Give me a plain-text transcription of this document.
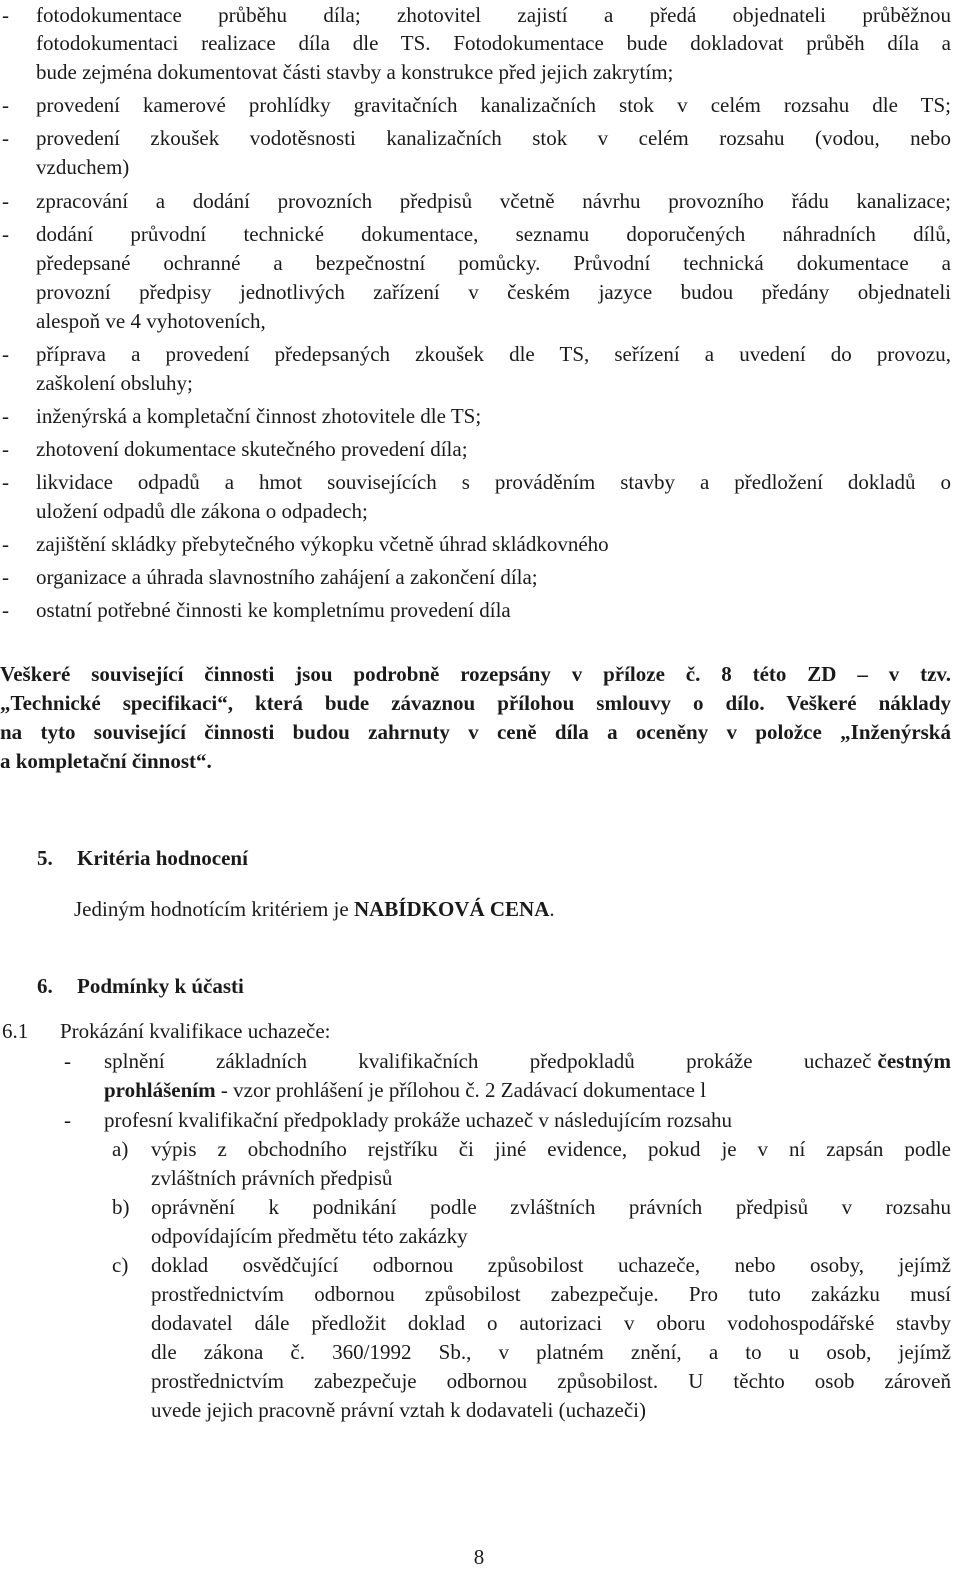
- fotodokumentace průběhu díla; zhotovitel zajistí a předá objednateli průběžnou
fotodokumentaci realizace díla dle TS. Fotodokumentace bude dokladovat průběh díla a
bude zejména dokumentovat části stavby a konstrukce před jejich zakrytím;
- provedení kamerové prohlídky gravitačních kanalizačních stok v celém rozsahu dle TS;
- provedení zkoušek vodotěsnosti kanalizačních stok v celém rozsahu (vodou, nebo
vzduchem)
- zpracování a dodání provozních předpisů včetně návrhu provozního řádu kanalizace;
- dodání průvodní technické dokumentace, seznamu doporučených náhradních dílů,
předepsané ochranné a bezpečnostní pomůcky. Průvodní technická dokumentace a
provozní předpisy jednotlivých zařízení v českém jazyce budou předány objednateli
alespoň ve 4 vyhotoveních,
- příprava a provedení předepsaných zkoušek dle TS, seřízení a uvedení do provozu,
zaškolení obsluhy;
- inženýrská a kompletační činnost zhotovitele dle TS;
- zhotovení dokumentace skutečného provedení díla;
- likvidace odpadů a hmot souvisejících s prováděním stavby a předložení dokladů o
uložení odpadů dle zákona o odpadech;
- zajištění skládky přebytečného výkopku včetně úhrad skládkovného
- organizace a úhrada slavnostního zahájení a zakončení díla;
- ostatní potřebné činnosti ke kompletnímu provedení díla
Veškeré související činnosti jsou podrobně rozepsány v příloze č. 8 této ZD – v tzv.
„Technické specifikaci“, která bude závaznou přílohou smlouvy o dílo. Veškeré náklady
na tyto související činnosti budou zahrnuty v ceně díla a oceněny v položce „Inženýrská
a kompletační činnost“.
5. Kritéria hodnocení
Jediným hodnotícím kritériem je NABÍDKOVÁ CENA.
6. Podmínky k účasti
6.1 Prokázání kvalifikace uchazeče:
- splnění základních kvalifikačních předpokladů prokáže uchazeč čestným
prohlášením - vzor prohlášení je přílohou č. 2 Zadávací dokumentace l
- profesní kvalifikační předpoklady prokáže uchazeč v následujícím rozsahu
a) výpis z obchodního rejstříku či jiné evidence, pokud je v ní zapsán podle
zvláštních právních předpisů
b) oprávnění k podnikání podle zvláštních právních předpisů v rozsahu
odpovídajícím předmětu této zakázky
c) doklad osvědčující odbornou způsobilost uchazeče, nebo osoby, jejímž
prostřednictvím odbornou způsobilost zabezpečuje. Pro tuto zakázku musí
dodavatel dále předložit doklad o autorizaci v oboru vodohospodářské stavby
dle zákona č. 360/1992 Sb., v platném znění, a to u osob, jejímž
prostřednictvím zabezpečuje odbornou způsobilost. U těchto osob zároveň
uvede jejich pracovně právní vztah k dodavateli (uchazeči)
8
